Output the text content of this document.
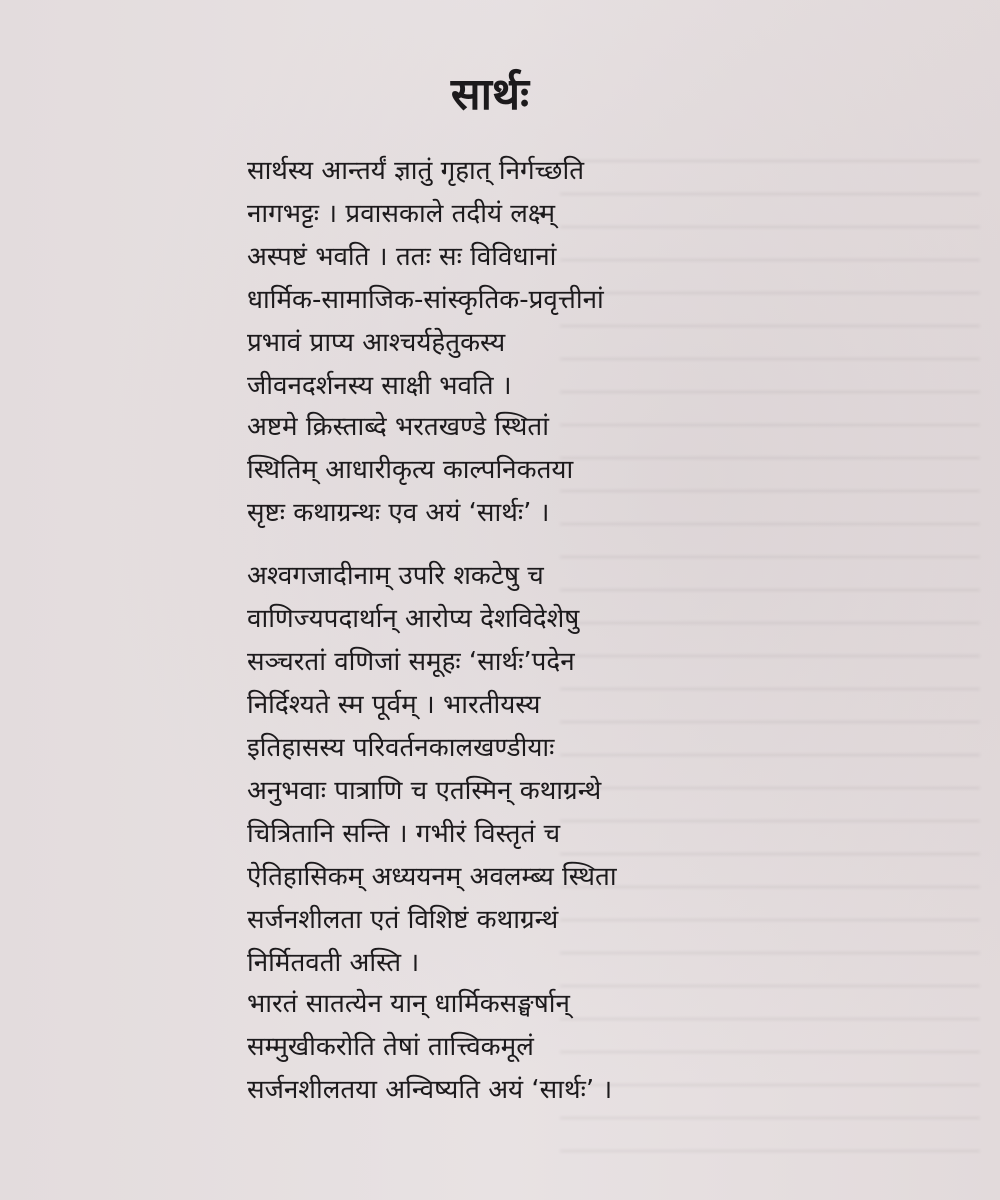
सार्थः
सार्थस्य आन्तर्यं ज्ञातुं गृहात् निर्गच्छति
नागभट्टः । प्रवासकाले तदीयं लक्ष्म्
अस्पष्टं भवति । ततः सः विविधानां
धार्मिक-सामाजिक-सांस्कृतिक-प्रवृत्तीनां
प्रभावं प्राप्य आश्चर्यहेतुकस्य
जीवनदर्शनस्य साक्षी भवति ।
अष्टमे क्रिस्ताब्दे भरतखण्डे स्थितां
स्थितिम् आधारीकृत्य काल्पनिकतया
सृष्टः कथाग्रन्थः एव अयं ‘सार्थः’ ।
अश्वगजादीनाम् उपरि शकटेषु च
वाणिज्यपदार्थान् आरोप्य देशविदेशेषु
सञ्चरतां वणिजां समूहः ‘सार्थः’पदेन
निर्दिश्यते स्म पूर्वम् । भारतीयस्य
इतिहासस्य परिवर्तनकालखण्डीयाः
अनुभवाः पात्राणि च एतस्मिन् कथाग्रन्थे
चित्रितानि सन्ति । गभीरं विस्तृतं च
ऐतिहासिकम् अध्ययनम् अवलम्ब्य स्थिता
सर्जनशीलता एतं विशिष्टं कथाग्रन्थं
निर्मितवती अस्ति ।
भारतं सातत्येन यान् धार्मिकसङ्घर्षान्
सम्मुखीकरोति तेषां तात्त्विकमूलं
सर्जनशीलतया अन्विष्यति अयं ‘सार्थः’ ।
